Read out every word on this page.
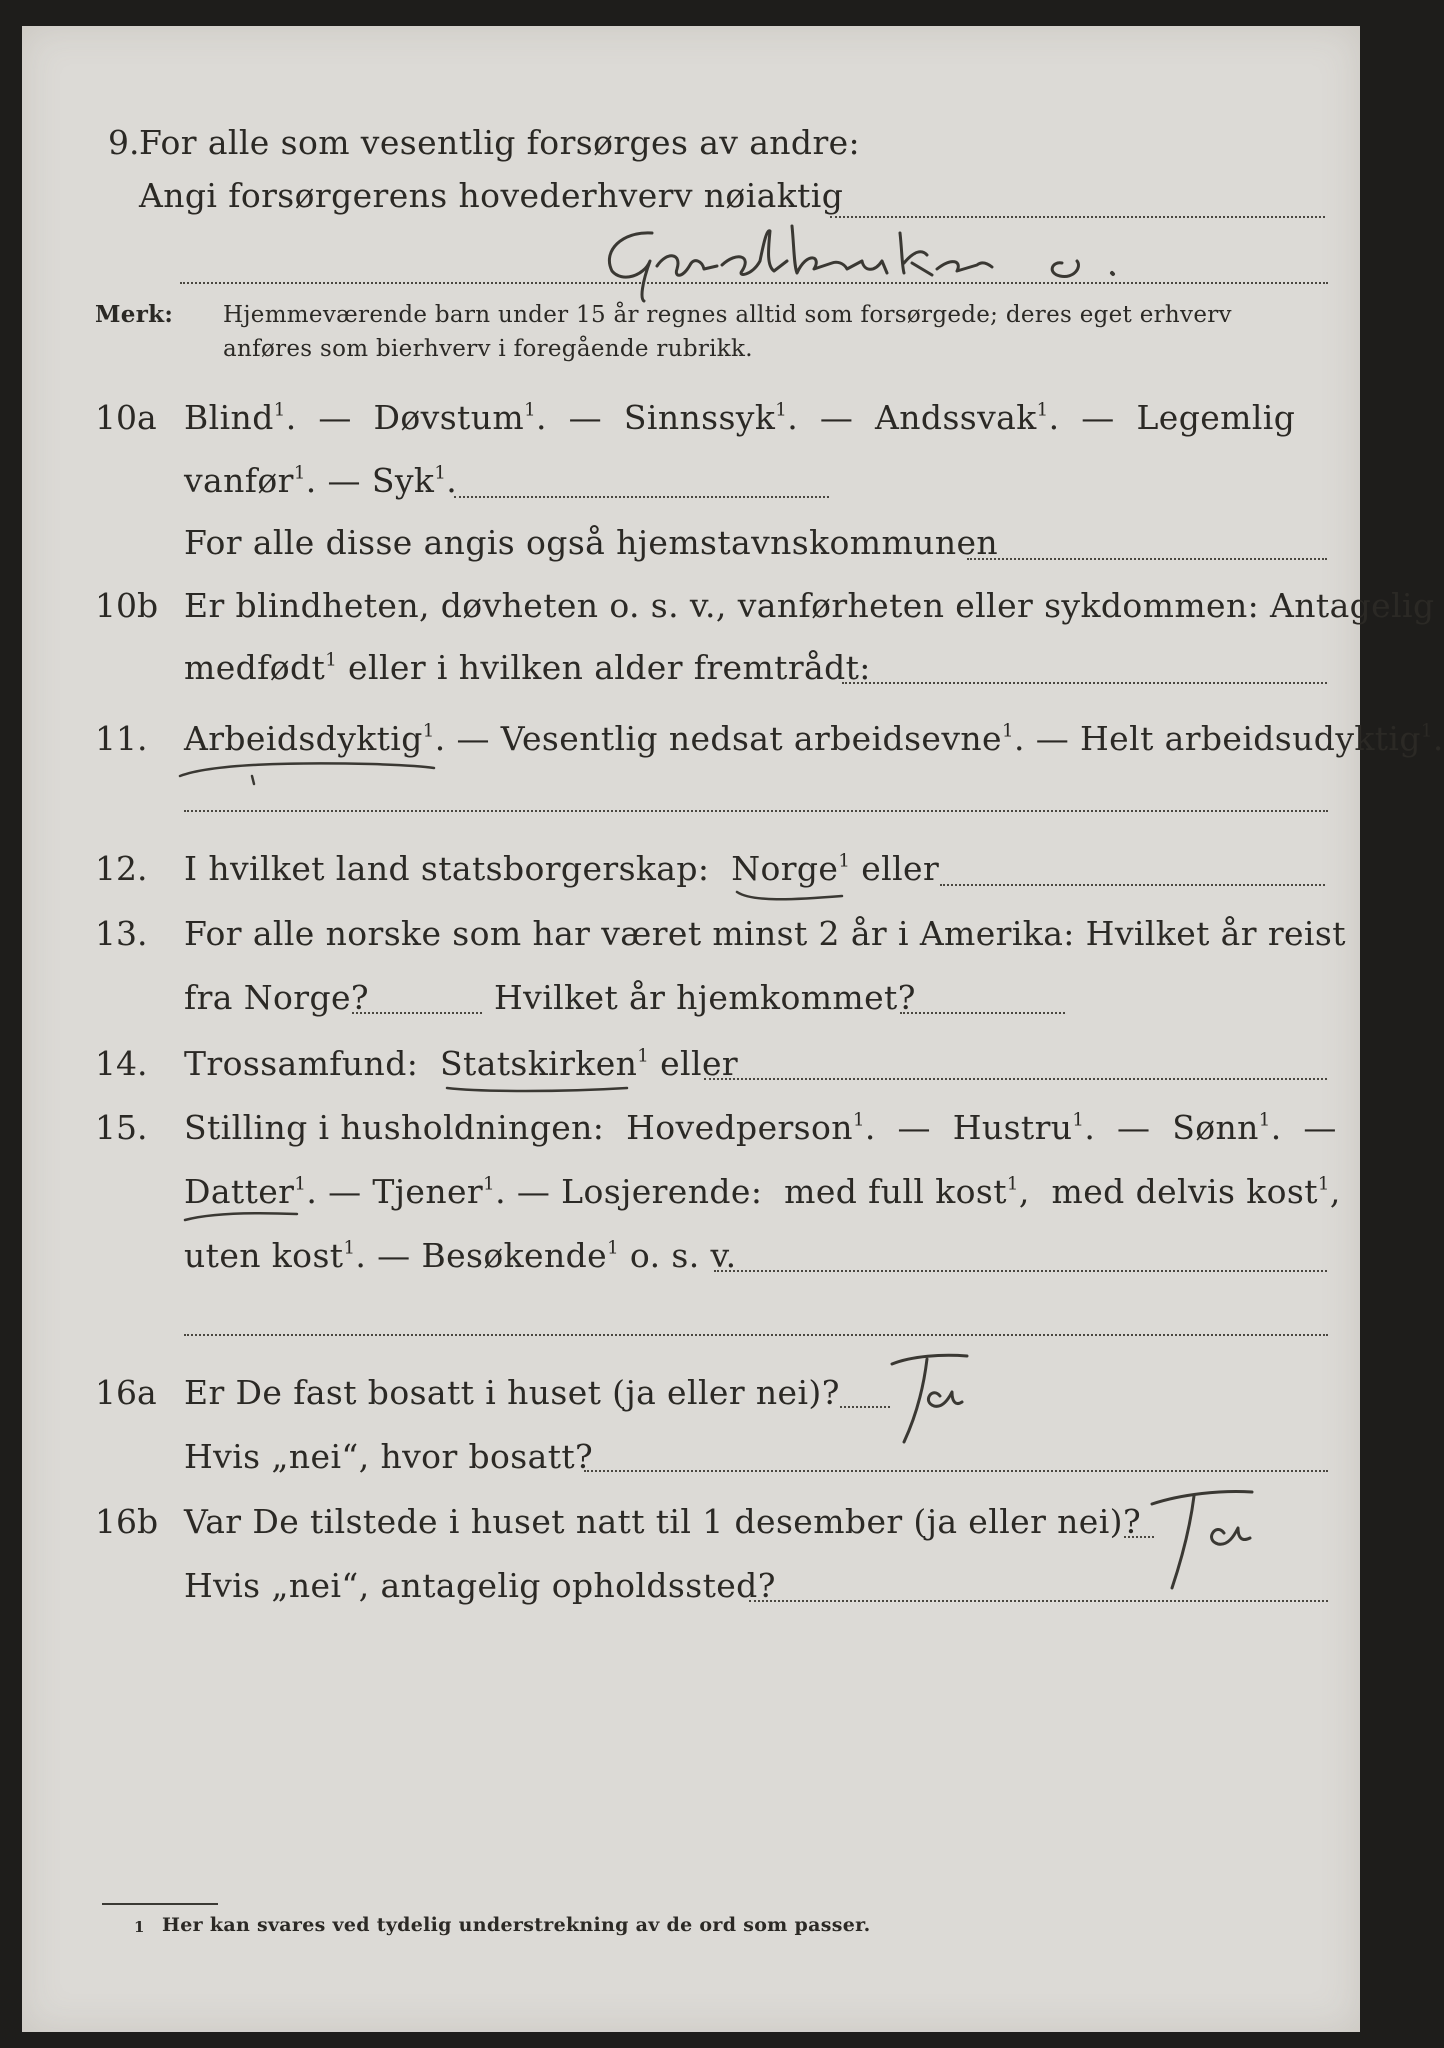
9. For alle som vesentlig forsørges av andre:
Angi forsørgerens hovederhverv nøiaktig
Merk: Hjemmeværende barn under 15 år regnes alltid som forsørgede; deres eget erhverv
anføres som bierhverv i foregående rubrikk.
10a Blind$^1$.  —  Døvstum$^1$.  —  Sinnssyk$^1$.  —  Andssvak$^1$.  —  Legemlig
vanfør$^1$. — Syk$^1$.
For alle disse angis også hjemstavnskommunen
10b Er blindheten, døvheten o. s. v., vanførheten eller sykdommen: Antagelig
medfødt$^1$ eller i hvilken alder fremtrådt:
11. Arbeidsdyktig$^1$. — Vesentlig nedsat arbeidsevne$^1$. — Helt arbeidsudyktig$^1$.
12. I hvilket land statsborgerskap:  Norge$^1$ eller
13. For alle norske som har været minst 2 år i Amerika: Hvilket år reist
fra Norge?	Hvilket år hjemkommet?
14. Trossamfund:  Statskirken$^1$ eller
15. Stilling i husholdningen:  Hovedperson$^1$.  —  Hustru$^1$.  —  Sønn$^1$.  —
Datter$^1$. — Tjener$^1$. — Losjerende:  med full kost$^1$,  med delvis kost$^1$,
uten kost$^1$. — Besøkende$^1$ o. s. v.
16a Er De fast bosatt i huset (ja eller nei)?
Hvis „nei“, hvor bosatt?
16b Var De tilstede i huset natt til 1 desember (ja eller nei)?
Hvis „nei“, antagelig opholdssted?
1 Her kan svares ved tydelig understrekning av de ord som passer.
